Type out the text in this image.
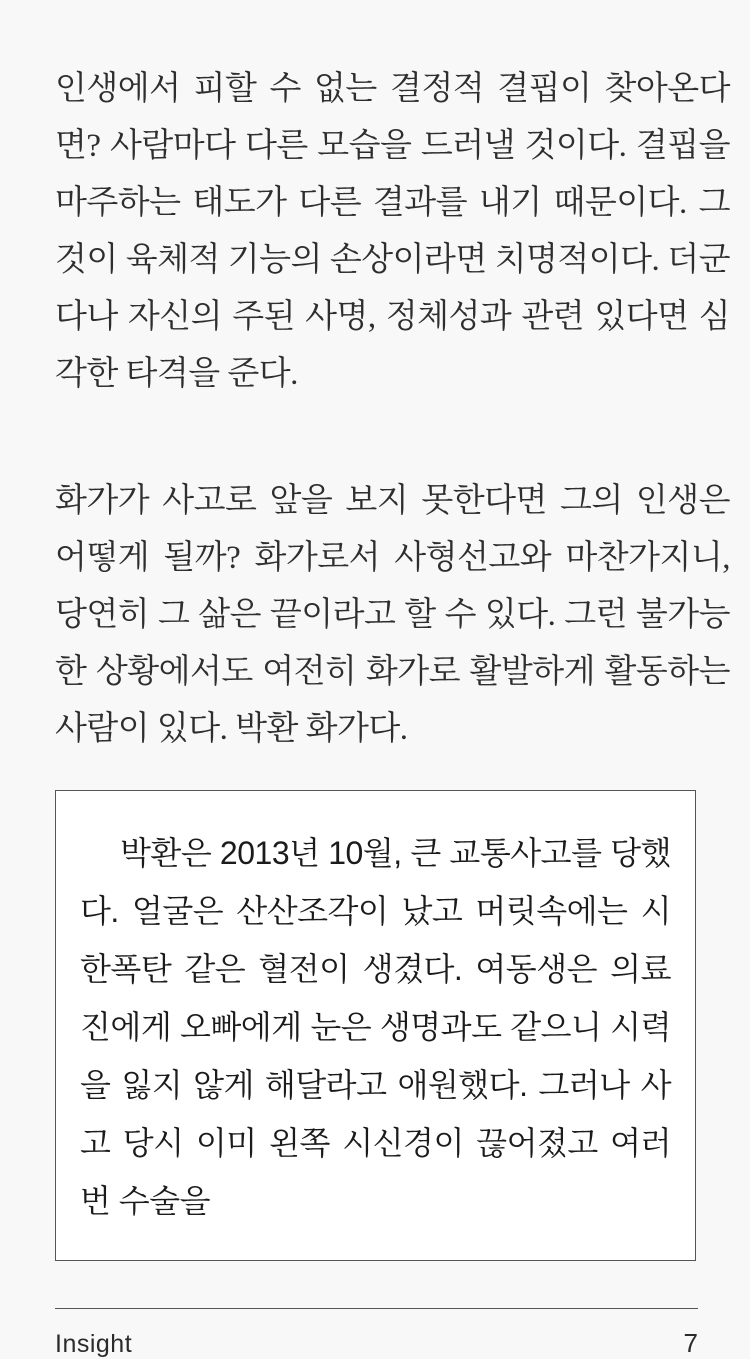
인생에서 피할 수 없는 결정적 결핍이 찾아온다면? 사람마다 다른 모습을 드러낼 것이다. 결핍을 마주하는 태도가 다른 결과를 내기 때문이다. 그것이 육체적 기능의 손상이라면 치명적이다. 더군다나 자신의 주된 사명, 정체성과 관련 있다면 심각한 타격을 준다.

화가가 사고로 앞을 보지 못한다면 그의 인생은 어떻게 될까? 화가로서 사형선고와 마찬가지니, 당연히 그 삶은 끝이라고 할 수 있다. 그런 불가능한 상황에서도 여전히 화가로 활발하게 활동하는 사람이 있다. 박환 화가다.

박환은 2013년 10월, 큰 교통사고를 당했다. 얼굴은 산산조각이 났고 머릿속에는 시한폭탄 같은 혈전이 생겼다. 여동생은 의료진에게 오빠에게 눈은 생명과도 같으니 시력을 잃지 않게 해달라고 애원했다. 그러나 사고 당시 이미 왼쪽 시신경이 끊어졌고 여러 번 수술을

Insight	7
